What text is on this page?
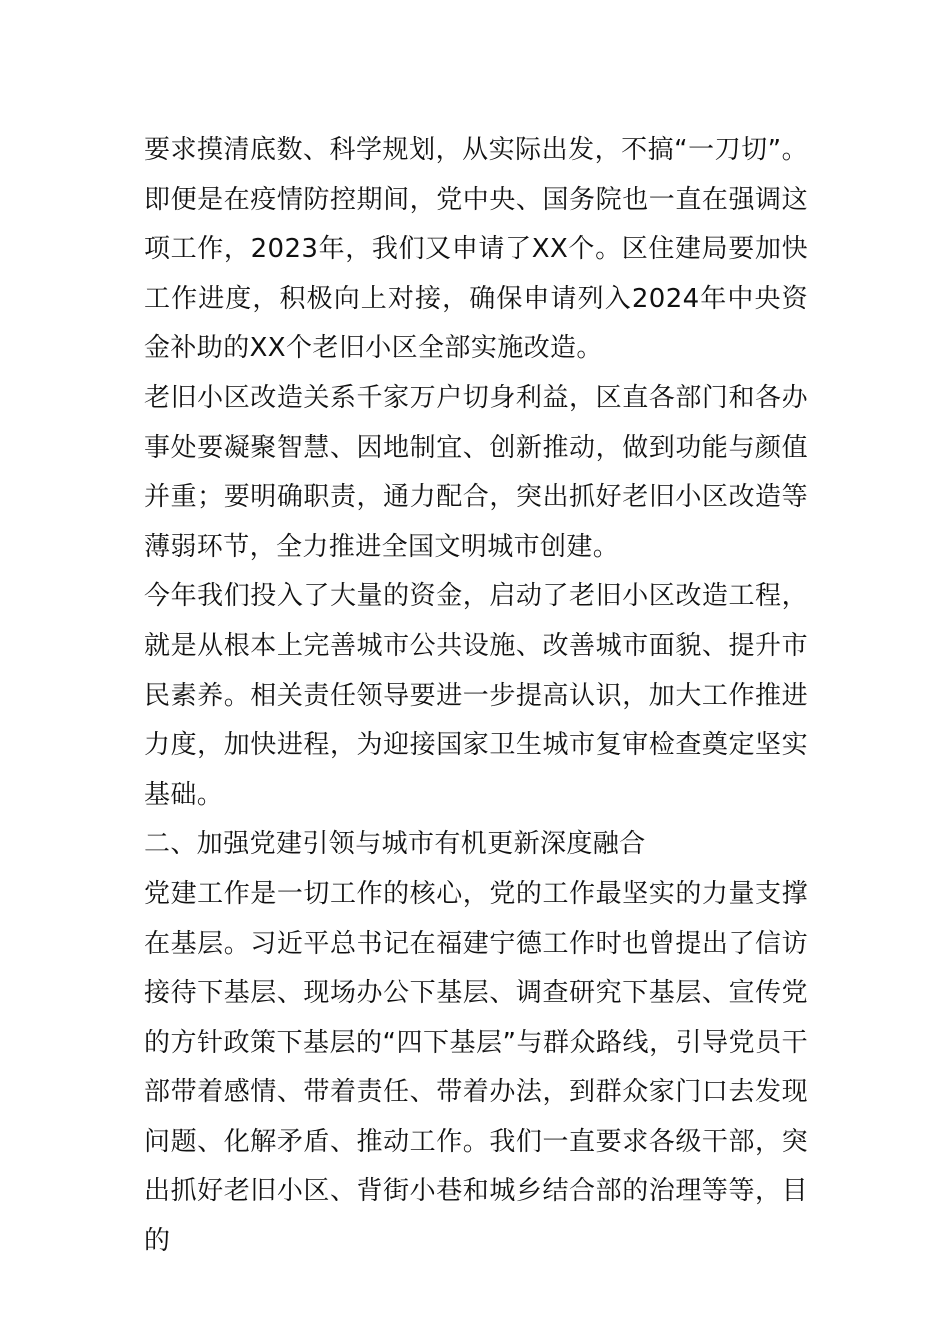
要求摸清底数、科学规划，从实际出发，不搞“一刀切”。即便是在疫情防控期间，党中央、国务院也一直在强调这项工作，2023年，我们又申请了XX个。区住建局要加快工作进度，积极向上对接，确保申请列入2024年中央资金补助的XX个老旧小区全部实施改造。

老旧小区改造关系千家万户切身利益，区直各部门和各办事处要凝聚智慧、因地制宜、创新推动，做到功能与颜值并重；要明确职责，通力配合，突出抓好老旧小区改造等薄弱环节，全力推进全国文明城市创建。

今年我们投入了大量的资金，启动了老旧小区改造工程，就是从根本上完善城市公共设施、改善城市面貌、提升市民素养。相关责任领导要进一步提高认识，加大工作推进力度，加快进程，为迎接国家卫生城市复审检查奠定坚实基础。

二、加强党建引领与城市有机更新深度融合

党建工作是一切工作的核心，党的工作最坚实的力量支撑在基层。习近平总书记在福建宁德工作时也曾提出了信访接待下基层、现场办公下基层、调查研究下基层、宣传党的方针政策下基层的“四下基层”与群众路线，引导党员干部带着感情、带着责任、带着办法，到群众家门口去发现问题、化解矛盾、推动工作。我们一直要求各级干部，突出抓好老旧小区、背街小巷和城乡结合部的治理等等，目的
